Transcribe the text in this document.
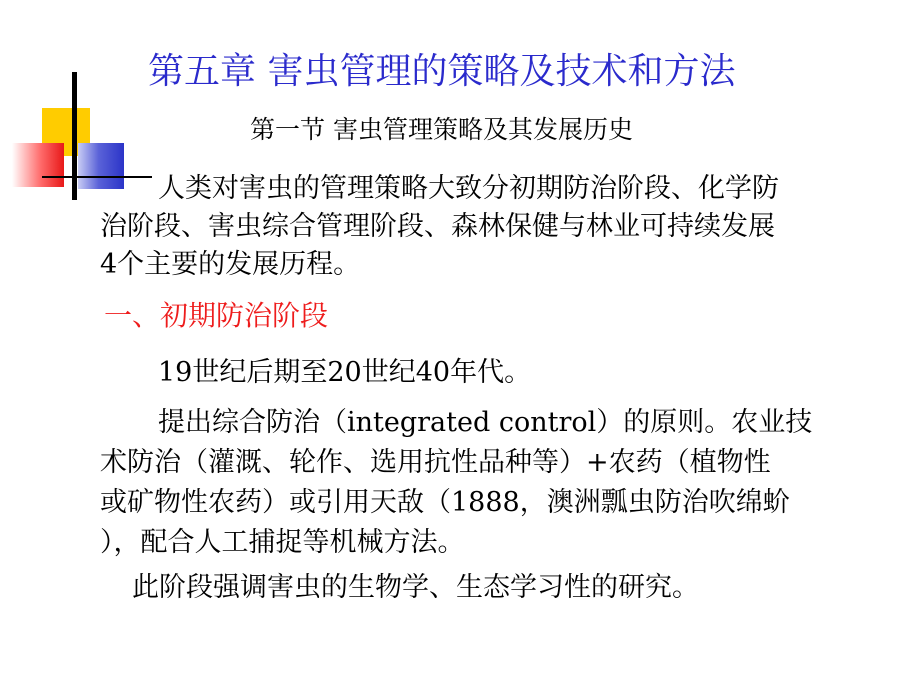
第五章 害虫管理的策略及技术和方法
第一节 害虫管理策略及其发展历史
人类对害虫的管理策略大致分初期防治阶段、化学防
治阶段、害虫综合管理阶段、森林保健与林业可持续发展
4个主要的发展历程。
一、初期防治阶段
19世纪后期至20世纪40年代。
提出综合防治（integrated control）的原则。农业技
术防治（灌溉、轮作、选用抗性品种等）+农药（植物性
或矿物性农药）或引用天敌（1888，澳洲瓢虫防治吹绵蚧
），配合人工捕捉等机械方法。
此阶段强调害虫的生物学、生态学习性的研究。
